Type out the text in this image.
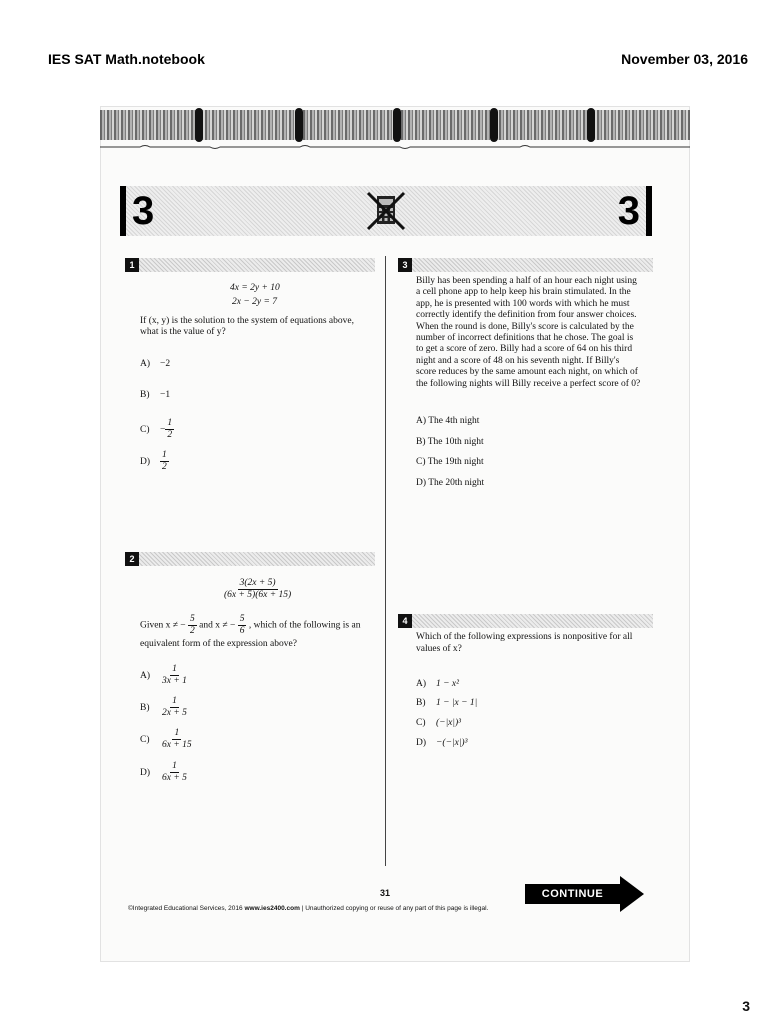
IES SAT Math.notebook	November 03, 2016
3	3
1
4x = 2y + 10
2x − 2y = 7
If (x, y) is the solution to the system of equations above, what is the value of y?
A)	−2
B)	−1
C)	− $\frac{1}{2}$
D)	$\frac{1}{2}$
2
$\frac{3(2x + 5)}{(6x + 5)(6x + 15)}$
Given x ≠ − $\frac{5}{2}$ and x ≠ − $\frac{5}{6}$ , which of the following is an
equivalent form of the expression above?
A)	$\frac{1}{3x + 1}$
B)	$\frac{1}{2x + 5}$
C)	$\frac{1}{6x + 15}$
D)	$\frac{1}{6x + 5}$
3
Billy has been spending a half of an hour each night using
a cell phone app to help keep his brain stimulated. In the
app, he is presented with 100 words with which he must
correctly identify the definition from four answer choices.
When the round is done, Billy's score is calculated by the
number of incorrect definitions that he chose. The goal is
to get a score of zero. Billy had a score of 64 on his third
night and a score of 48 on his seventh night. If Billy's
score reduces by the same amount each night, on which of
the following nights will Billy receive a perfect score of 0?
A) The 4th night
B) The 10th night
C) The 19th night
D) The 20th night
4
Which of the following expressions is nonpositive for all
values of x?
A)	1 − x²
B)	1 − |x − 1|
C)	(−|x|)³
D)	−(−|x|)³
31
©Integrated Educational Services, 2016 www.ies2400.com | Unauthorized copying or reuse of any part of this page is illegal.
CONTINUE
3
